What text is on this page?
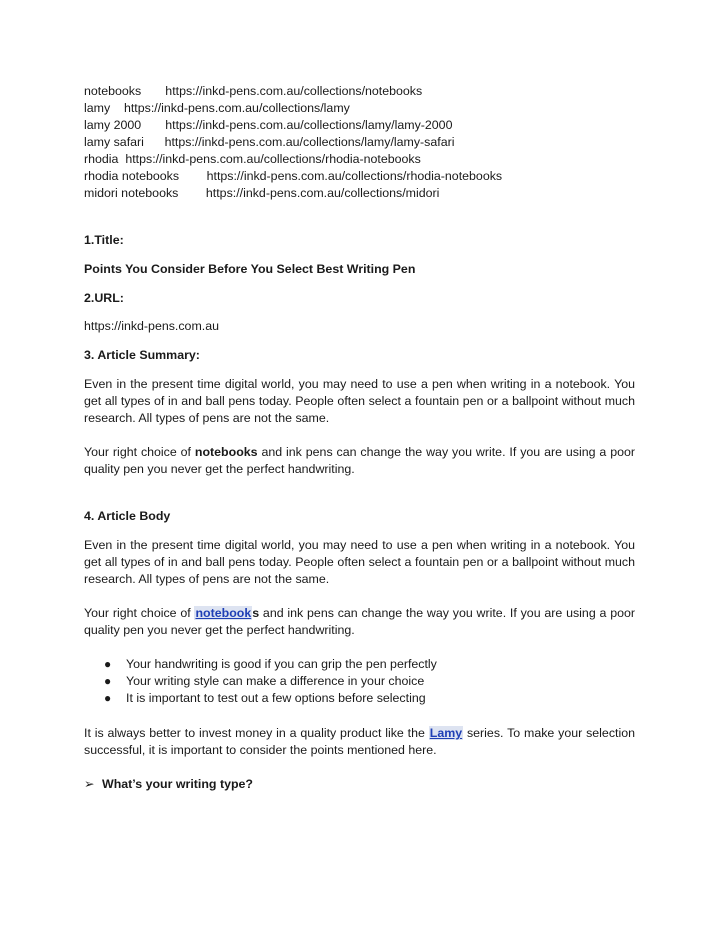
notebooks https://inkd-pens.com.au/collections/notebooks
lamy https://inkd-pens.com.au/collections/lamy
lamy 2000 https://inkd-pens.com.au/collections/lamy/lamy-2000
lamy safari https://inkd-pens.com.au/collections/lamy/lamy-safari
rhodia https://inkd-pens.com.au/collections/rhodia-notebooks
rhodia notebooks https://inkd-pens.com.au/collections/rhodia-notebooks
midori notebooks https://inkd-pens.com.au/collections/midori
1.Title:
Points You Consider Before You Select Best Writing Pen
2.URL:
https://inkd-pens.com.au
3. Article Summary:
Even in the present time digital world, you may need to use a pen when writing in a notebook. You get all types of in and ball pens today. People often select a fountain pen or a ballpoint without much research. All types of pens are not the same.
Your right choice of notebooks and ink pens can change the way you write. If you are using a poor quality pen you never get the perfect handwriting.
4. Article Body
Even in the present time digital world, you may need to use a pen when writing in a notebook. You get all types of in and ball pens today. People often select a fountain pen or a ballpoint without much research. All types of pens are not the same.
Your right choice of notebooks and ink pens can change the way you write. If you are using a poor quality pen you never get the perfect handwriting.
● Your handwriting is good if you can grip the pen perfectly
● Your writing style can make a difference in your choice
● It is important to test out a few options before selecting
It is always better to invest money in a quality product like the Lamy series. To make your selection successful, it is important to consider the points mentioned here.
➢ What’s your writing type?
